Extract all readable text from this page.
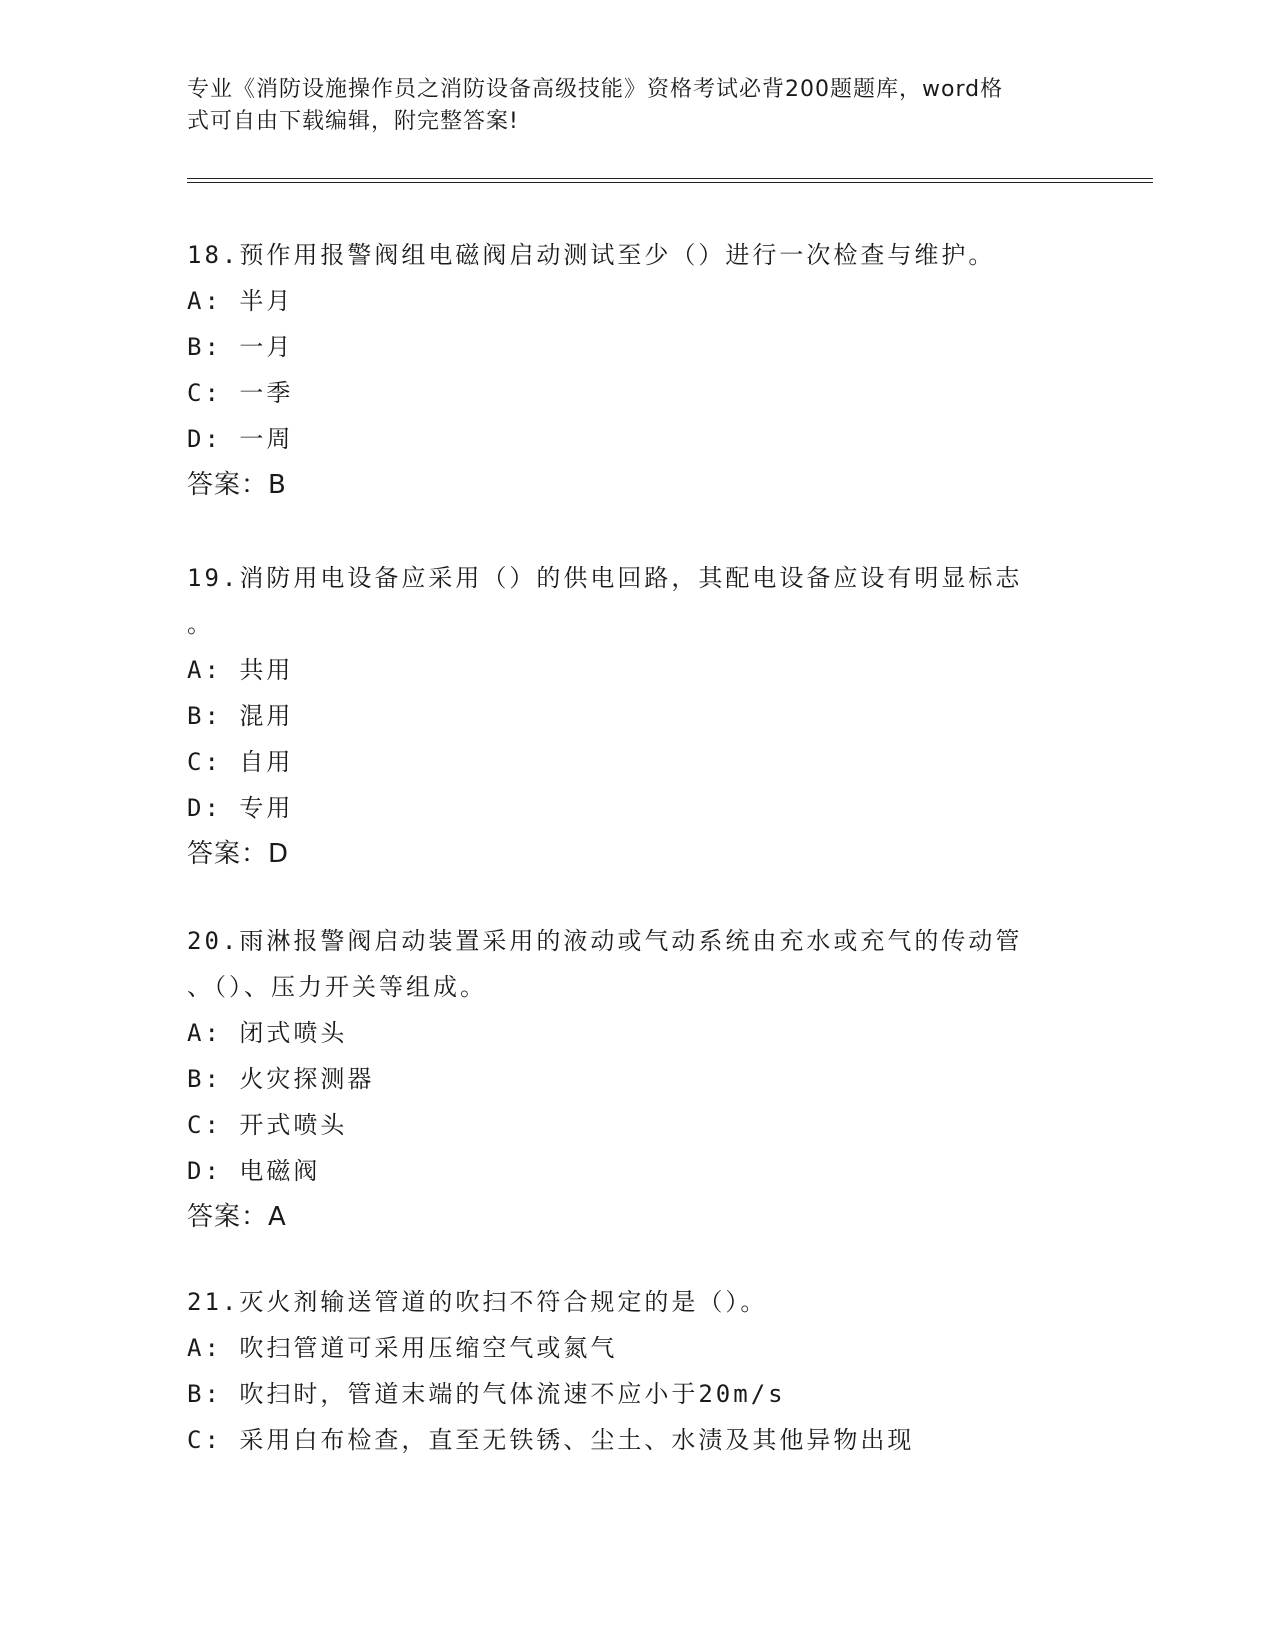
专业《消防设施操作员之消防设备高级技能》资格考试必背200题题库，word格
式可自由下载编辑，附完整答案!

18.预作用报警阀组电磁阀启动测试至少（）进行一次检查与维护。

A: 半月

B: 一月

C: 一季

D: 一周

答案：B

19.消防用电设备应采用（）的供电回路，其配电设备应设有明显标志

。

A: 共用

B: 混用

C: 自用

D: 专用

答案：D

20.雨淋报警阀启动装置采用的液动或气动系统由充水或充气的传动管

、（）、压力开关等组成。

A: 闭式喷头

B: 火灾探测器

C: 开式喷头

D: 电磁阀

答案：A

21.灭火剂输送管道的吹扫不符合规定的是（）。

A: 吹扫管道可采用压缩空气或氮气

B: 吹扫时，管道末端的气体流速不应小于20m/s

C: 采用白布检查，直至无铁锈、尘土、水渍及其他异物出现
